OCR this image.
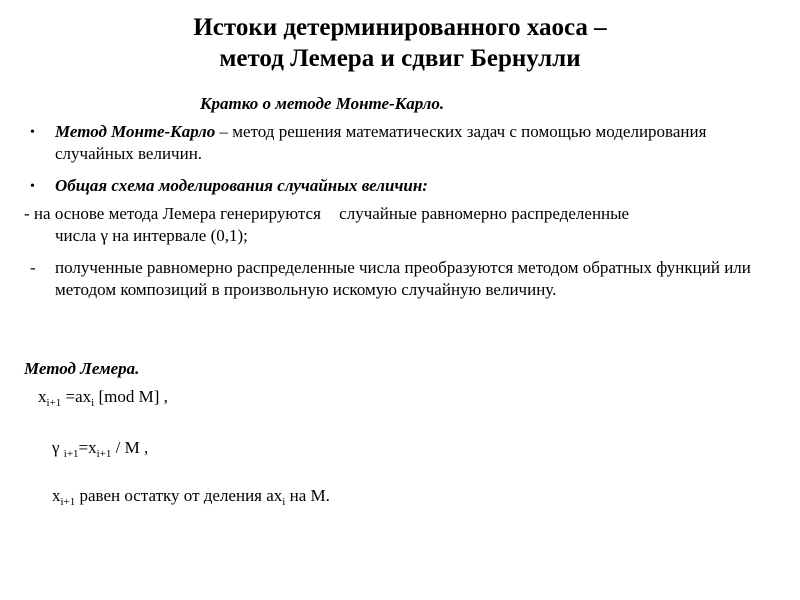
Истоки детерминированного хаоса –
метод Лемера и сдвиг Бернулли
Кратко о методе Монте-Карло.
• Метод Монте-Карло – метод решения математических задач с помощью моделирования случайных величин.
• Общая схема моделирования случайных величин:
- на основе метода Лемера генерируются случайные равномерно распределенные
числа γ на интервале (0,1);
- полученные равномерно распределенные числа преобразуются методом обратных функций или методом композиций в произвольную искомую случайную величину.
Метод Лемера.
$x_{i+1} =ax_i$ [mod M] ,
γ $_{i+1}=x_{i+1} / M$ ,
$x_{i+1}$ равен остатку от деления $ax_i$ на M.
